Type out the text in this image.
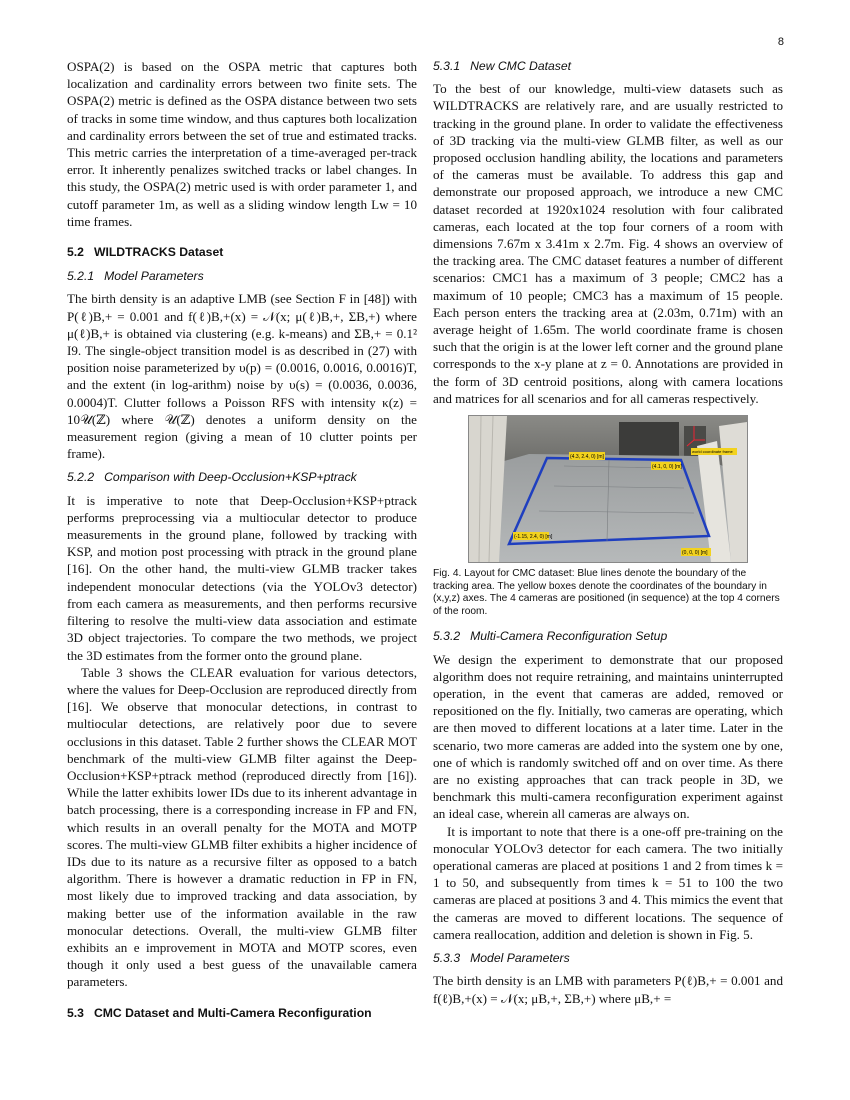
8

OSPA(2) is based on the OSPA metric that captures both localization and cardinality errors between two finite sets. The OSPA(2) metric is defined as the OSPA distance between two sets of tracks in some time window, and thus captures both localization and cardinality errors between the set of true and estimated tracks. This metric carries the interpretation of a time-averaged per-track error. It inherently penalizes switched tracks or label changes. In this study, the OSPA(2) metric used is with order parameter 1, and cutoff parameter 1m, as well as a sliding window length Lw = 10 time frames.

5.2 WILDTRACKS Dataset
5.2.1 Model Parameters

The birth density is an adaptive LMB (see Section F in [48]) with P(ℓ)B,+ = 0.001 and f(ℓ)B,+(x) = 𝒩(x; μ(ℓ)B,+, ΣB,+) where μ(ℓ)B,+ is obtained via clustering (e.g. k-means) and ΣB,+ = 0.1² I9. The single-object transition model is as described in (27) with position noise parameterized by υ(p) = (0.0016, 0.0016, 0.0016)T, and the extent (in log-arithm) noise by υ(s) = (0.0036, 0.0036, 0.0004)T. Clutter follows a Poisson RFS with intensity κ(z) = 10𝒰(ℤ) where 𝒰(ℤ) denotes a uniform density on the measurement region (giving a mean of 10 clutter points per frame).

5.2.2 Comparison with Deep-Occlusion+KSP+ptrack

It is imperative to note that Deep-Occlusion+KSP+ptrack performs preprocessing via a multiocular detector to produce measurements in the ground plane, followed by tracking with KSP, and motion post processing with ptrack in the ground plane [16]. On the other hand, the multi-view GLMB tracker takes independent monocular detections (via the YOLOv3 detector) from each camera as measurements, and then performs recursive filtering to resolve the multi-view data association and estimate 3D object trajectories. To compare the two methods, we project the 3D estimates from the former onto the ground plane.

Table 3 shows the CLEAR evaluation for various detectors, where the values for Deep-Occlusion are reproduced directly from [16]. We observe that monocular detections, in contrast to multiocular detections, are relatively poor due to severe occlusions in this dataset. Table 2 further shows the CLEAR MOT benchmark of the multi-view GLMB filter against the Deep-Occlusion+KSP+ptrack method (reproduced directly from [16]). While the latter exhibits lower IDs due to its inherent advantage in batch processing, there is a corresponding increase in FP and FN, which results in an overall penalty for the MOTA and MOTP scores. The multi-view GLMB filter exhibits a higher incidence of IDs due to its nature as a recursive filter as opposed to a batch algorithm. There is however a dramatic reduction in FP in FN, most likely due to improved tracking and data association, by making better use of the information available in the raw monocular detections. Overall, the multi-view GLMB filter exhibits an e improvement in MOTA and MOTP scores, even though it only used a best guess of the unavailable camera parameters.

5.3 CMC Dataset and Multi-Camera Reconfiguration
5.3.1 New CMC Dataset

To the best of our knowledge, multi-view datasets such as WILDTRACKS are relatively rare, and are usually restricted to tracking in the ground plane. In order to validate the effectiveness of 3D tracking via the multi-view GLMB filter, as well as our proposed occlusion handling ability, the locations and parameters of the cameras must be available. To address this gap and demonstrate our proposed approach, we introduce a new CMC dataset recorded at 1920x1024 resolution with four calibrated cameras, each located at the top four corners of a room with dimensions 7.67m x 3.41m x 2.7m. Fig. 4 shows an overview of the tracking area. The CMC dataset features a number of different scenarios: CMC1 has a maximum of 3 people; CMC2 has a maximum of 10 people; CMC3 has a maximum of 15 people. Each person enters the tracking area at (2.03m, 0.71m) with an average height of 1.65m. The world coordinate frame is chosen such that the origin is at the lower left corner and the ground plane corresponds to the x-y plane at z = 0. Annotations are provided in the form of 3D centroid positions, along with camera locations and matrices for all scenarios and for all cameras respectively.

(4.3, 2.4, 0) [m]
(4.1, 0, 0) [m]
(-1.15, 2.4, 0) [m]
(0, 0, 0) [m]
world coordinate frame

Fig. 4. Layout for CMC dataset: Blue lines denote the boundary of the tracking area. The yellow boxes denote the coordinates of the boundary in (x,y,z) axes. The 4 cameras are positioned (in sequence) at the top 4 corners of the room.

5.3.2 Multi-Camera Reconfiguration Setup

We design the experiment to demonstrate that our proposed algorithm does not require retraining, and maintains uninterrupted operation, in the event that cameras are added, removed or repositioned on the fly. Initially, two cameras are operating, which are then moved to different locations at a later time. Later in the scenario, two more cameras are added into the system one by one, one of which is randomly switched off and on over time. As there are no existing approaches that can track people in 3D, we benchmark this multi-camera reconfiguration experiment against an ideal case, wherein all cameras are always on.

It is important to note that there is a one-off pre-training on the monocular YOLOv3 detector for each camera. The two initially operational cameras are placed at positions 1 and 2 from times k = 1 to 50, and subsequently from times k = 51 to 100 the two cameras are placed at positions 3 and 4. This mimics the event that the cameras are moved to different locations. The sequence of camera reallocation, addition and deletion is shown in Fig. 5.

5.3.3 Model Parameters

The birth density is an LMB with parameters P(ℓ)B,+ = 0.001 and f(ℓ)B,+(x) = 𝒩(x; μB,+, ΣB,+) where μB,+ =
